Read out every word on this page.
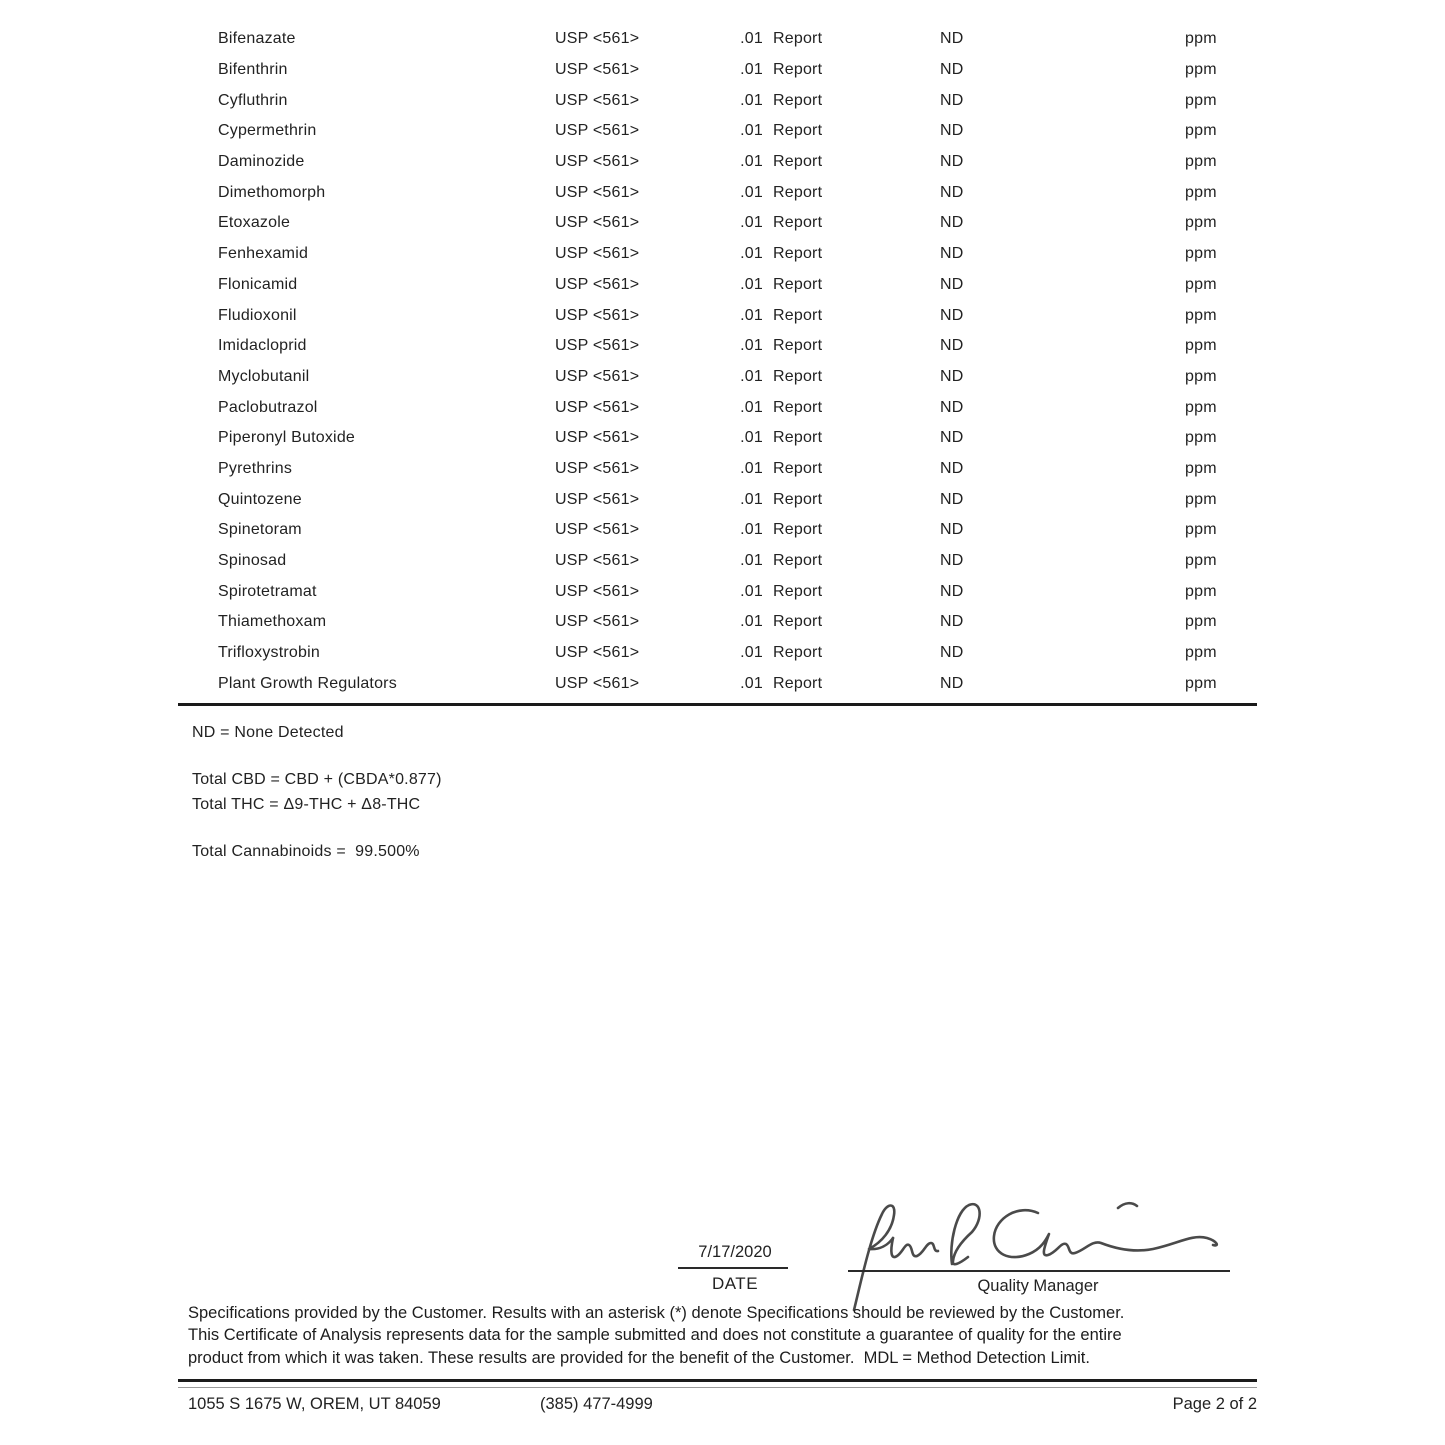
Bifenazate	USP <561>	.01 Report	ND	ppm
Bifenthrin	USP <561>	.01 Report	ND	ppm
Cyfluthrin	USP <561>	.01 Report	ND	ppm
Cypermethrin	USP <561>	.01 Report	ND	ppm
Daminozide	USP <561>	.01 Report	ND	ppm
Dimethomorph	USP <561>	.01 Report	ND	ppm
Etoxazole	USP <561>	.01 Report	ND	ppm
Fenhexamid	USP <561>	.01 Report	ND	ppm
Flonicamid	USP <561>	.01 Report	ND	ppm
Fludioxonil	USP <561>	.01 Report	ND	ppm
Imidacloprid	USP <561>	.01 Report	ND	ppm
Myclobutanil	USP <561>	.01 Report	ND	ppm
Paclobutrazol	USP <561>	.01 Report	ND	ppm
Piperonyl Butoxide	USP <561>	.01 Report	ND	ppm
Pyrethrins	USP <561>	.01 Report	ND	ppm
Quintozene	USP <561>	.01 Report	ND	ppm
Spinetoram	USP <561>	.01 Report	ND	ppm
Spinosad	USP <561>	.01 Report	ND	ppm
Spirotetramat	USP <561>	.01 Report	ND	ppm
Thiamethoxam	USP <561>	.01 Report	ND	ppm
Trifloxystrobin	USP <561>	.01 Report	ND	ppm
Plant Growth Regulators	USP <561>	.01 Report	ND	ppm
ND = None Detected
Total CBD = CBD + (CBDA*0.877)
Total THC = Δ9-THC + Δ8-THC
Total Cannabinoids =  99.500%
7/17/2020
DATE	Quality Manager
Specifications provided by the Customer. Results with an asterisk (*) denote Specifications should be reviewed by the Customer.
This Certificate of Analysis represents data for the sample submitted and does not constitute a guarantee of quality for the entire
product from which it was taken. These results are provided for the benefit of the Customer.  MDL = Method Detection Limit.
1055 S 1675 W, OREM, UT 84059	(385) 477-4999	Page 2 of 2
